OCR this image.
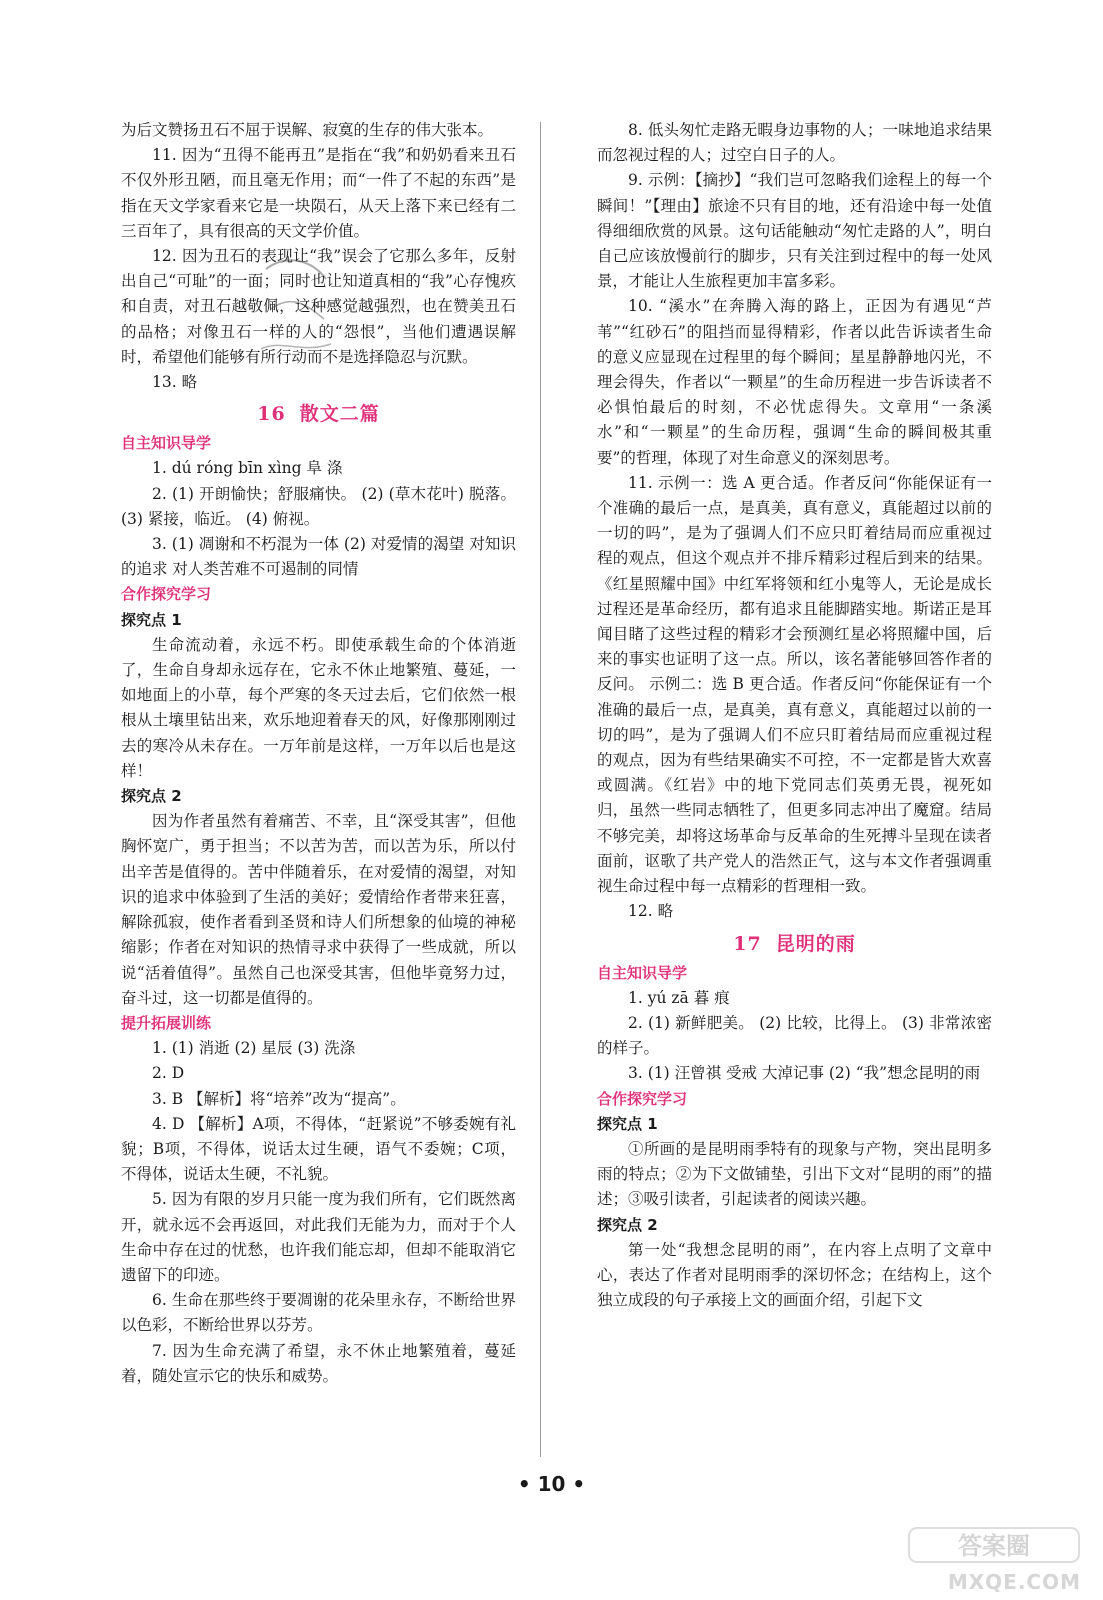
为后文赞扬丑石不屈于误解、寂寞的生存的伟大张本。

11. 因为“丑得不能再丑”是指在“我”和奶奶看来丑石不仅外形丑陋，而且毫无作用；而“一件了不起的东西”是指在天文学家看来它是一块陨石，从天上落下来已经有二三百年了，具有很高的天文学价值。

12. 因为丑石的表现让“我”误会了它那么多年，反射出自己“可耻”的一面；同时也让知道真相的“我”心存愧疚和自责，对丑石越敬佩，这种感觉越强烈，也在赞美丑石的品格；对像丑石一样的人的“怨恨”，当他们遭遇误解时，希望他们能够有所行动而不是选择隐忍与沉默。

13. 略

16 散文二篇

自主知识导学

1. dú róng bīn xìng 阜 涤

2. (1) 开朗愉快；舒服痛快。 (2) (草木花叶) 脱落。 (3) 紧接，临近。 (4) 俯视。

3. (1) 凋谢和不朽混为一体 (2) 对爱情的渴望 对知识的追求 对人类苦难不可遏制的同情

合作探究学习

探究点 1

生命流动着，永远不朽。即使承载生命的个体消逝了，生命自身却永远存在，它永不休止地繁殖、蔓延，一如地面上的小草，每个严寒的冬天过去后，它们依然一根根从土壤里钻出来，欢乐地迎着春天的风，好像那刚刚过去的寒冷从未存在。一万年前是这样，一万年以后也是这样！

探究点 2

因为作者虽然有着痛苦、不幸，且“深受其害”，但他胸怀宽广，勇于担当；不以苦为苦，而以苦为乐，所以付出辛苦是值得的。苦中伴随着乐，在对爱情的渴望，对知识的追求中体验到了生活的美好；爱情给作者带来狂喜，解除孤寂，使作者看到圣贤和诗人们所想象的仙境的神秘缩影；作者在对知识的热情寻求中获得了一些成就，所以说“活着值得”。虽然自己也深受其害，但他毕竟努力过，奋斗过，这一切都是值得的。

提升拓展训练

1. (1) 消逝 (2) 星辰 (3) 洗涤

2. D

3. B 【解析】将“培养”改为“提高”。

4. D 【解析】A项，不得体，“赶紧说”不够委婉有礼貌；B项，不得体，说话太过生硬，语气不委婉；C项，不得体，说话太生硬，不礼貌。

5. 因为有限的岁月只能一度为我们所有，它们既然离开，就永远不会再返回，对此我们无能为力，而对于个人生命中存在过的忧愁，也许我们能忘却，但却不能取消它遗留下的印迹。

6. 生命在那些终于要凋谢的花朵里永存，不断给世界以色彩，不断给世界以芬芳。

7. 因为生命充满了希望，永不休止地繁殖着，蔓延着，随处宣示它的快乐和威势。

8. 低头匆忙走路无暇身边事物的人；一味地追求结果而忽视过程的人；过空白日子的人。

9. 示例：【摘抄】“我们岂可忽略我们途程上的每一个瞬间！”【理由】旅途不只有目的地，还有沿途中每一处值得细细欣赏的风景。这句话能触动“匆忙走路的人”，明白自己应该放慢前行的脚步，只有关注到过程中的每一处风景，才能让人生旅程更加丰富多彩。

10. “溪水”在奔腾入海的路上，正因为有遇见“芦苇”“红砂石”的阻挡而显得精彩，作者以此告诉读者生命的意义应显现在过程里的每个瞬间；星星静静地闪光，不理会得失，作者以“一颗星”的生命历程进一步告诉读者不必惧怕最后的时刻，不必忧虑得失。文章用“一条溪水”和“一颗星”的生命历程，强调“生命的瞬间极其重要”的哲理，体现了对生命意义的深刻思考。

11. 示例一：选 A 更合适。作者反问“你能保证有一个准确的最后一点，是真美，真有意义，真能超过以前的一切的吗”，是为了强调人们不应只盯着结局而应重视过程的观点，但这个观点并不排斥精彩过程后到来的结果。《红星照耀中国》中红军将领和红小鬼等人，无论是成长过程还是革命经历，都有追求且能脚踏实地。斯诺正是耳闻目睹了这些过程的精彩才会预测红星必将照耀中国，后来的事实也证明了这一点。所以，该名著能够回答作者的反问。 示例二：选 B 更合适。作者反问“你能保证有一个准确的最后一点，是真美，真有意义，真能超过以前的一切的吗”，是为了强调人们不应只盯着结局而应重视过程的观点，因为有些结果确实不可控，不一定都是皆大欢喜或圆满。《红岩》中的地下党同志们英勇无畏，视死如归，虽然一些同志牺牲了，但更多同志冲出了魔窟。结局不够完美，却将这场革命与反革命的生死搏斗呈现在读者面前，讴歌了共产党人的浩然正气，这与本文作者强调重视生命过程中每一点精彩的哲理相一致。

12. 略

17 昆明的雨

自主知识导学

1. yú zā 暮 痕

2. (1) 新鲜肥美。 (2) 比较，比得上。 (3) 非常浓密的样子。

3. (1) 汪曾祺 受戒 大淖记事 (2) “我”想念昆明的雨

合作探究学习

探究点 1

①所画的是昆明雨季特有的现象与产物，突出昆明多雨的特点；②为下文做铺垫，引出下文对“昆明的雨”的描述；③吸引读者，引起读者的阅读兴趣。

探究点 2

第一处“我想念昆明的雨”，在内容上点明了文章中心，表达了作者对昆明雨季的深切怀念；在结构上，这个独立成段的句子承接上文的画面介绍，引起下文

• 10 •
答案圈
MXQE.COM
